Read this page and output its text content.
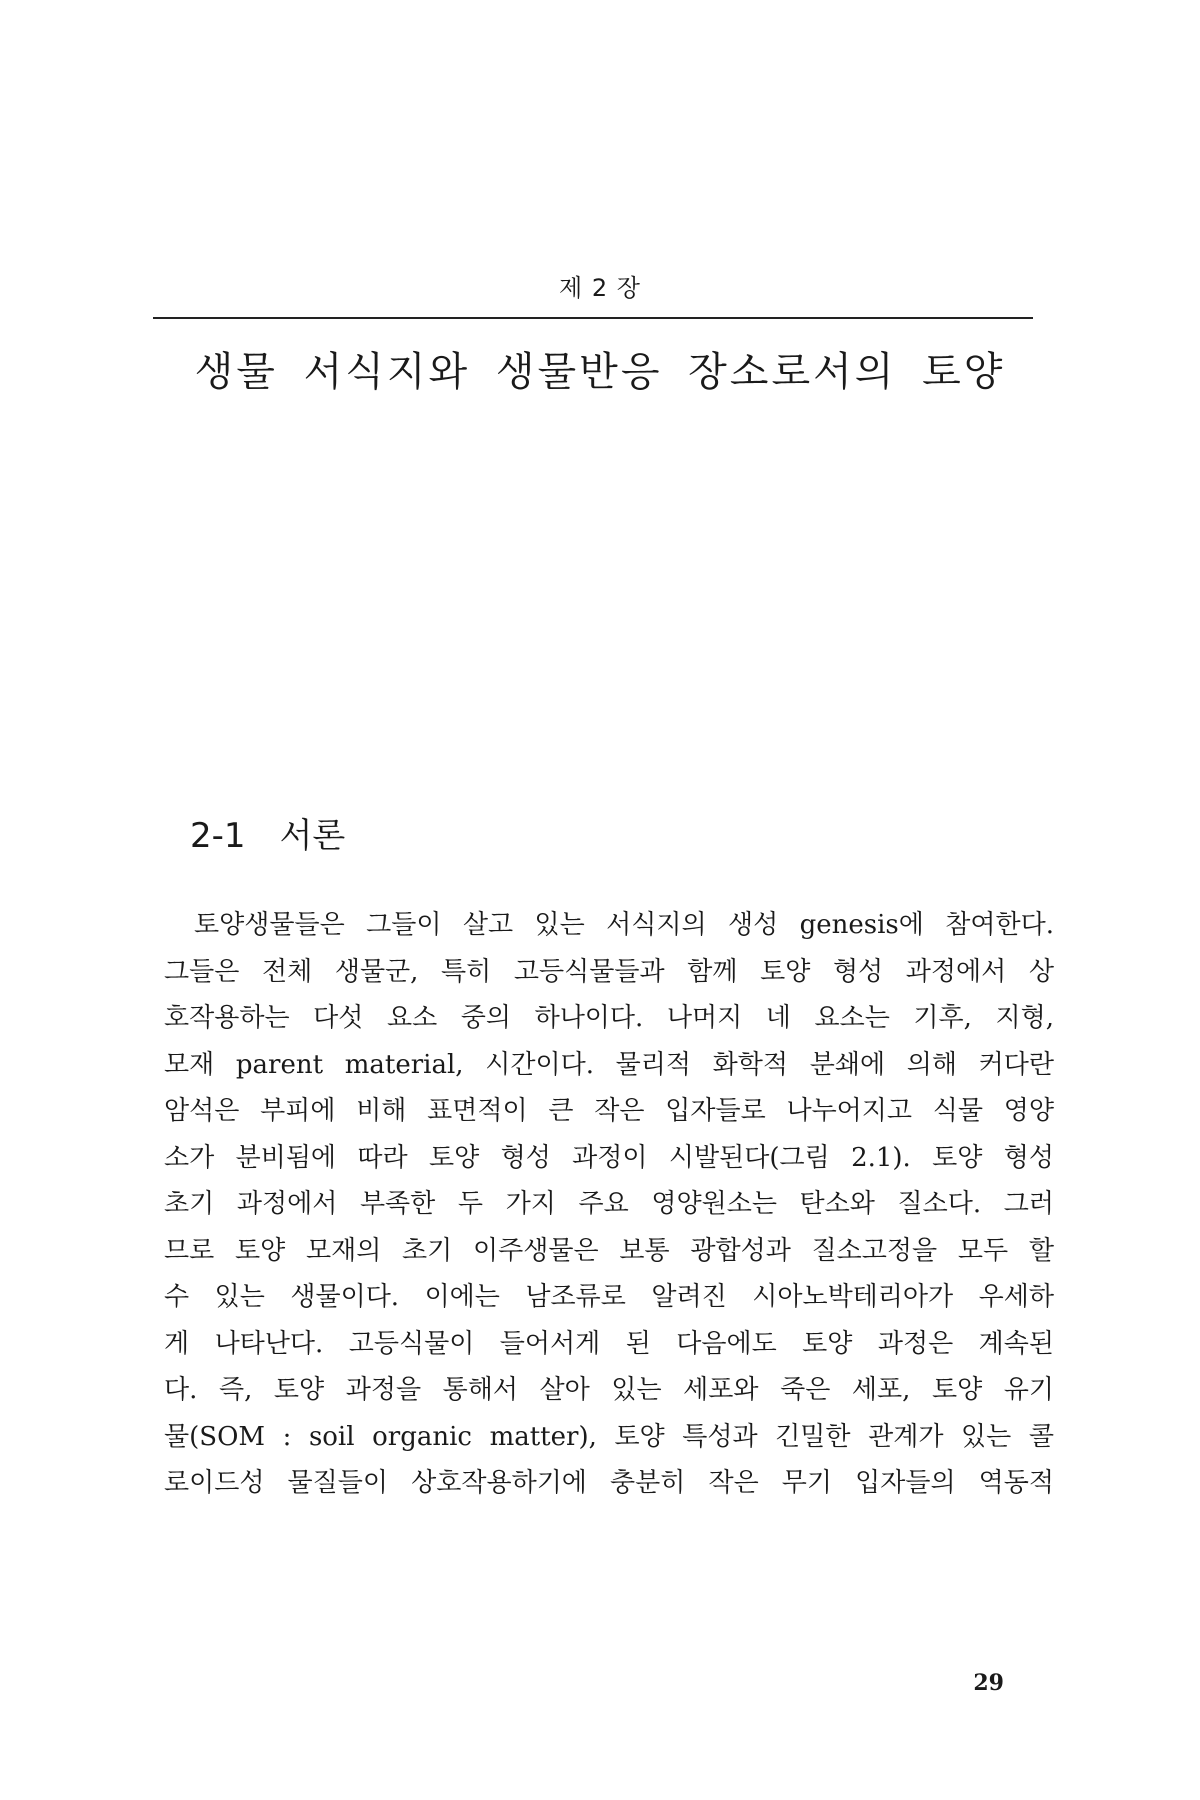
제 2 장
생물 서식지와 생물반응 장소로서의 토양
2-1 서론
토양생물들은 그들이 살고 있는 서식지의 생성 genesis에 참여한다.
그들은 전체 생물군, 특히 고등식물들과 함께 토양 형성 과정에서 상
호작용하는 다섯 요소 중의 하나이다. 나머지 네 요소는 기후, 지형,
모재 parent material, 시간이다. 물리적 화학적 분쇄에 의해 커다란
암석은 부피에 비해 표면적이 큰 작은 입자들로 나누어지고 식물 영양
소가 분비됨에 따라 토양 형성 과정이 시발된다(그림 2.1). 토양 형성
초기 과정에서 부족한 두 가지 주요 영양원소는 탄소와 질소다. 그러
므로 토양 모재의 초기 이주생물은 보통 광합성과 질소고정을 모두 할
수 있는 생물이다. 이에는 남조류로 알려진 시아노박테리아가 우세하
게 나타난다. 고등식물이 들어서게 된 다음에도 토양 과정은 계속된
다. 즉, 토양 과정을 통해서 살아 있는 세포와 죽은 세포, 토양 유기
물(SOM : soil organic matter), 토양 특성과 긴밀한 관계가 있는 콜
로이드성 물질들이 상호작용하기에 충분히 작은 무기 입자들의 역동적
29
